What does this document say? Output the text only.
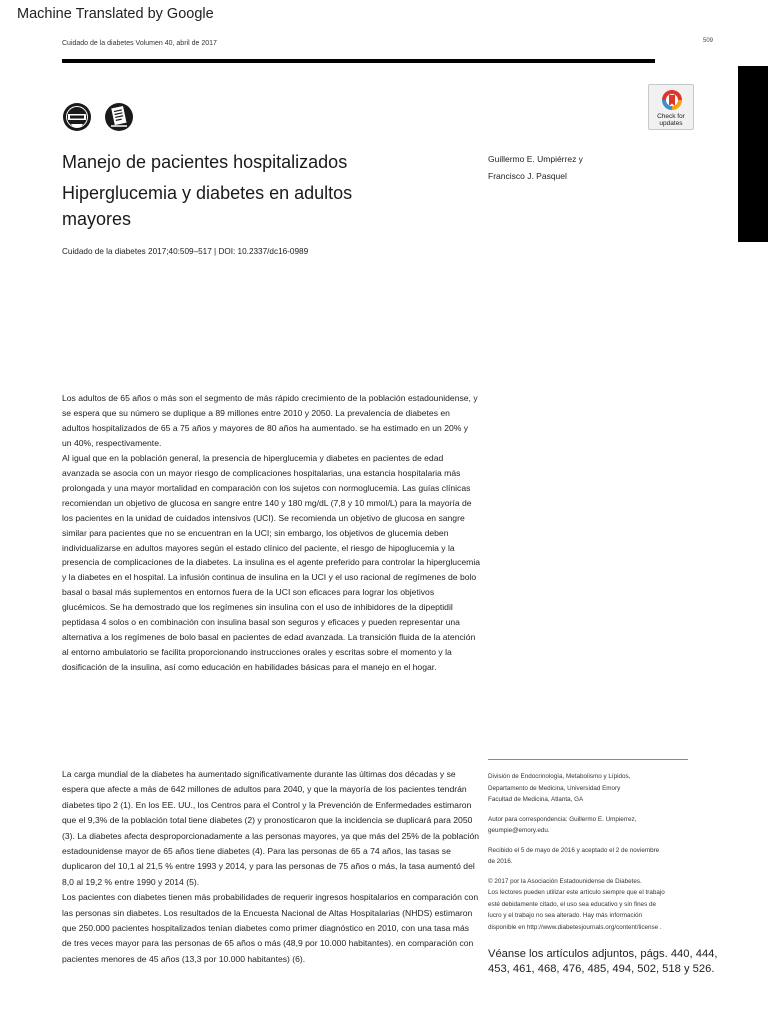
Machine Translated by Google
Cuidado de la diabetes Volumen 40, abril de 2017	509
Check for
updates
Manejo de pacientes hospitalizados
Hiperglucemia y diabetes en adultos
mayores
Guillermo E. Umpiérrez y
Francisco J. Pasquel
Cuidado de la diabetes 2017;40:509–517 | DOI: 10.2337/dc16-0989

Los adultos de 65 años o más son el segmento de más rápido crecimiento de la población estadounidense, y se espera que su número se duplique a 89 millones entre 2010 y 2050. La prevalencia de diabetes en adultos hospitalizados de 65 a 75 años y mayores de 80 años ha aumentado. se ha estimado en un 20% y un 40%, respectivamente.

Al igual que en la población general, la presencia de hiperglucemia y diabetes en pacientes de edad avanzada se asocia con un mayor riesgo de complicaciones hospitalarias, una estancia hospitalaria más prolongada y una mayor mortalidad en comparación con los sujetos con normoglucemia. Las guías clínicas recomiendan un objetivo de glucosa en sangre entre 140 y 180 mg/dL (7,8 y 10 mmol/L) para la mayoría de los pacientes en la unidad de cuidados intensivos (UCI). Se recomienda un objetivo de glucosa en sangre similar para pacientes que no se encuentran en la UCI; sin embargo, los objetivos de glucemia deben individualizarse en adultos mayores según el estado clínico del paciente, el riesgo de hipoglucemia y la presencia de complicaciones de la diabetes. La insulina es el agente preferido para controlar la hiperglucemia y la diabetes en el hospital. La infusión continua de insulina en la UCI y el uso racional de regímenes de bolo basal o basal más suplementos en entornos fuera de la UCI son eficaces para lograr los objetivos glucémicos. Se ha demostrado que los regímenes sin insulina con el uso de inhibidores de la dipeptidil peptidasa 4 solos o en combinación con insulina basal son seguros y eficaces y pueden representar una alternativa a los regímenes de bolo basal en pacientes de edad avanzada. La transición fluida de la atención al entorno ambulatorio se facilita proporcionando instrucciones orales y escritas sobre el momento y la dosificación de la insulina, así como educación en habilidades básicas para el manejo en el hogar.

La carga mundial de la diabetes ha aumentado significativamente durante las últimas dos décadas y se espera que afecte a más de 642 millones de adultos para 2040, y que la mayoría de los pacientes tendrán diabetes tipo 2 (1). En los EE. UU., los Centros para el Control y la Prevención de Enfermedades estimaron que el 9,3% de la población total tiene diabetes (2) y pronosticaron que la incidencia se duplicará para 2050 (3). La diabetes afecta desproporcionadamente a las personas mayores, ya que más del 25% de la población estadounidense mayor de 65 años tiene diabetes (4). Para las personas de 65 a 74 años, las tasas se duplicaron del 10,1 al 21,5 % entre 1993 y 2014, y para las personas de 75 años o más, la tasa aumentó del 8,0 al 19,2 % entre 1990 y 2014 (5).

Los pacientes con diabetes tienen más probabilidades de requerir ingresos hospitalarios en comparación con las personas sin diabetes. Los resultados de la Encuesta Nacional de Altas Hospitalarias (NHDS) estimaron que 250.000 pacientes hospitalizados tenían diabetes como primer diagnóstico en 2010, con una tasa más de tres veces mayor para las personas de 65 años o más (48,9 por 10.000 habitantes). en comparación con pacientes menores de 45 años (13,3 por 10.000 habitantes) (6).

División de Endocrinología, Metabolismo y Lípidos,
Departamento de Medicina, Universidad Emory
Facultad de Medicina, Atlanta, GA
Autor para correspondencia: Guillermo E. Umpierrez,
geumpie@emory.edu.
Recibido el 5 de mayo de 2016 y aceptado el 2 de noviembre
de 2016.
© 2017 por la Asociación Estadounidense de Diabetes.
Los lectores pueden utilizar este artículo siempre que el trabajo
esté debidamente citado, el uso sea educativo y sin fines de
lucro y el trabajo no sea alterado. Hay más información
disponible en http://www.diabetesjournals.org/content/license .
Véanse los artículos adjuntos, págs. 440, 444, 453, 461, 468, 476, 485, 494, 502, 518 y 526.
